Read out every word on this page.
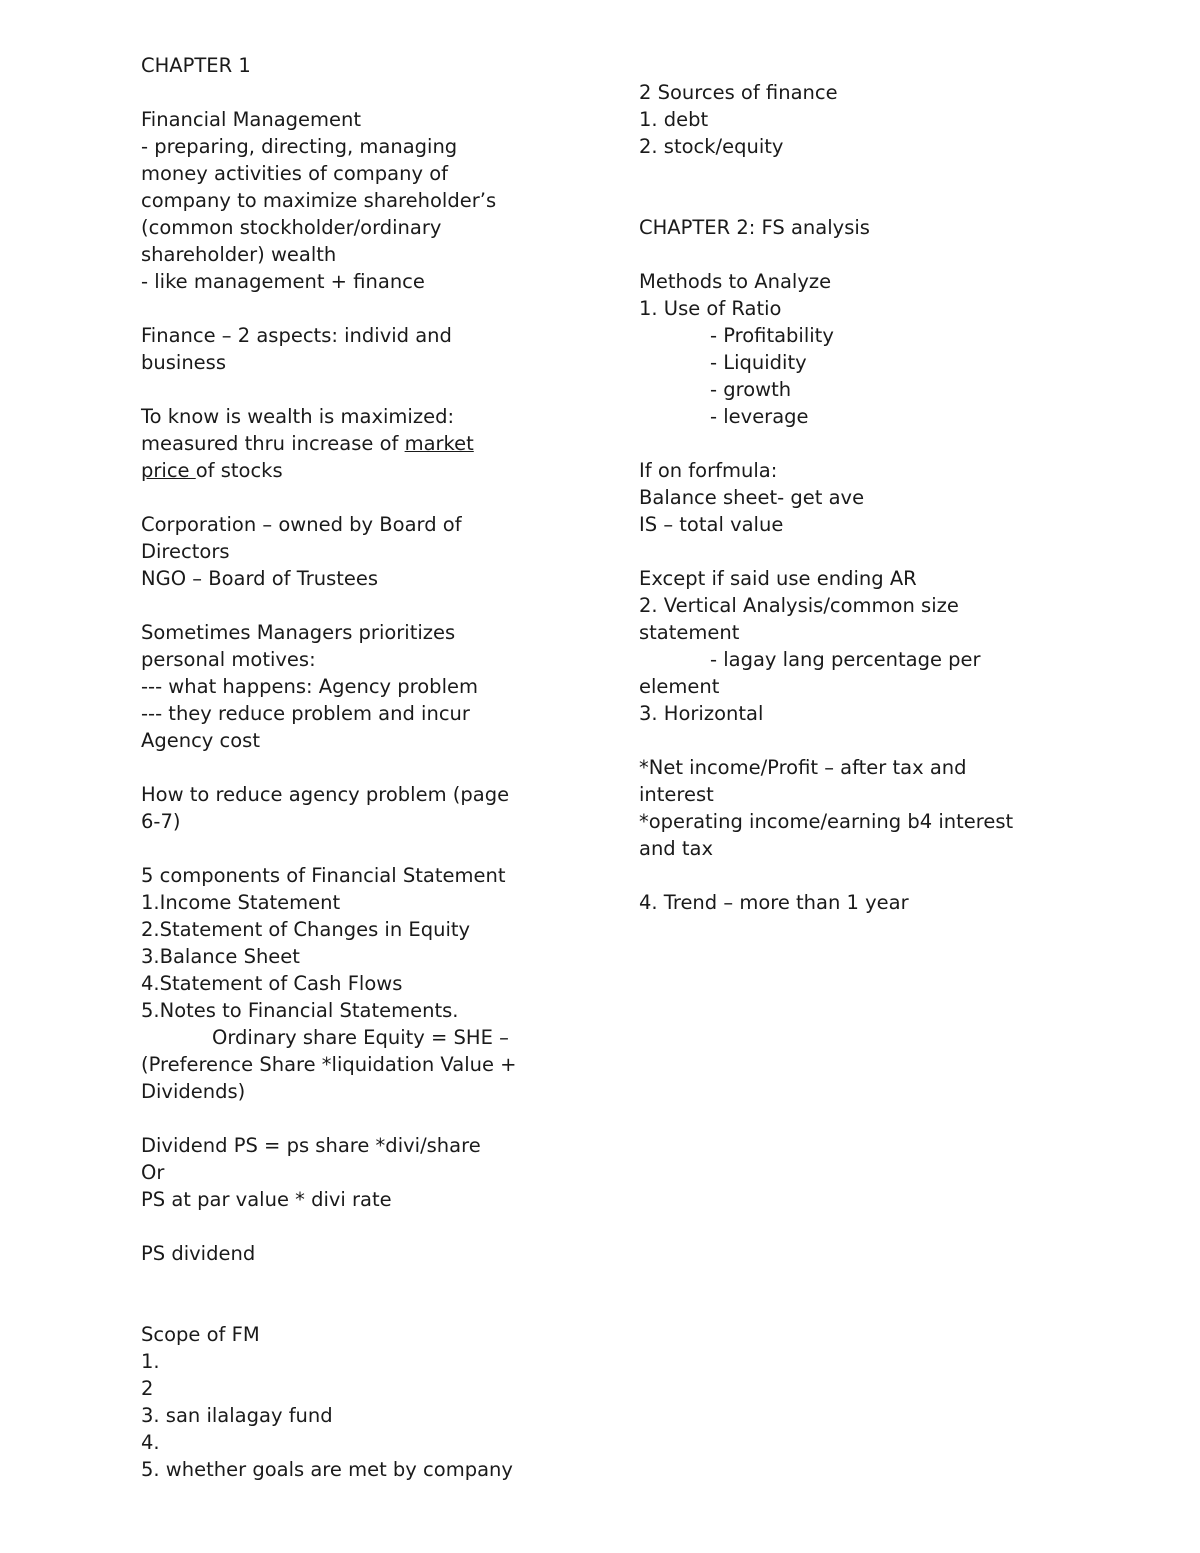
CHAPTER 1
Financial Management
- preparing, directing, managing
money activities of company of
company to maximize shareholder’s
(common stockholder/ordinary
shareholder) wealth
- like management + finance
Finance – 2 aspects: individ and
business
To know is wealth is maximized:
measured thru increase of market
price of stocks
Corporation – owned by Board of
Directors
NGO – Board of Trustees
Sometimes Managers prioritizes
personal motives:
--- what happens: Agency problem
--- they reduce problem and incur
Agency cost
How to reduce agency problem (page
6-7)
5 components of Financial Statement
1.Income Statement
2.Statement of Changes in Equity
3.Balance Sheet
4.Statement of Cash Flows
5.Notes to Financial Statements.
Ordinary share Equity = SHE –
(Preference Share *liquidation Value +
Dividends)
Dividend PS = ps share *divi/share
Or
PS at par value * divi rate
PS dividend
Scope of FM
1.
2
3. san ilalagay fund
4.
5. whether goals are met by company
2 Sources of finance
1. debt
2. stock/equity
CHAPTER 2: FS analysis
Methods to Analyze
1. Use of Ratio
- Profitability
- Liquidity
- growth
- leverage
If on forfmula:
Balance sheet- get ave
IS – total value
Except if said use ending AR
2. Vertical Analysis/common size
statement
- lagay lang percentage per
element
3. Horizontal
*Net income/Profit – after tax and
interest
*operating income/earning b4 interest
and tax
4. Trend – more than 1 year
